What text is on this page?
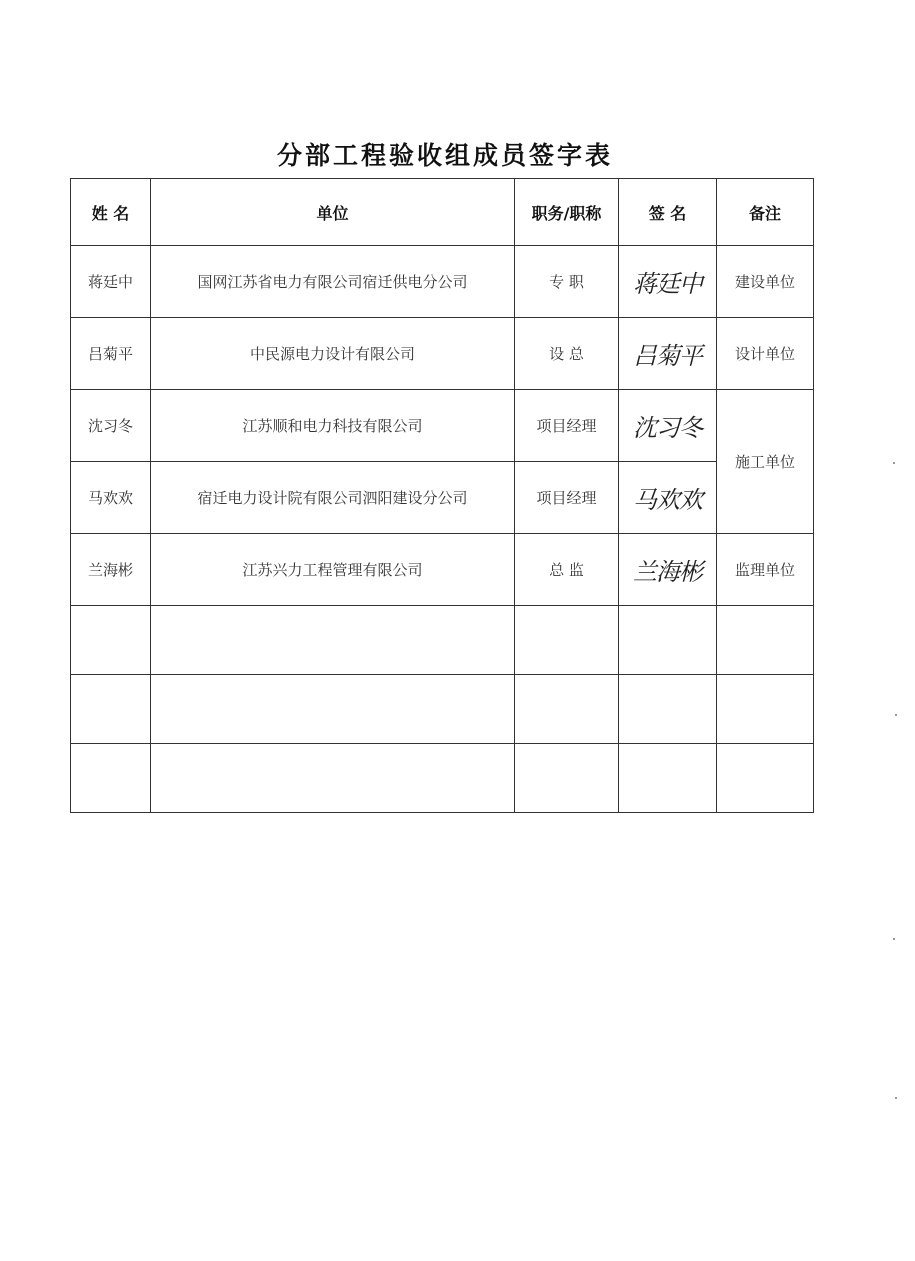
分部工程验收组成员签字表
姓 名	单位	职务/职称	签 名	备注
蒋廷中	国网江苏省电力有限公司宿迁供电分公司	专 职	蒋廷中	建设单位
吕菊平	中民源电力设计有限公司	设 总	吕菊平	设计单位
沈习冬	江苏顺和电力科技有限公司	项目经理	沈习冬	施工单位
马欢欢	宿迁电力设计院有限公司泗阳建设分公司	项目经理	马欢欢	

兰海彬	江苏兴力工程管理有限公司	总 监	兰海彬	监理单位
